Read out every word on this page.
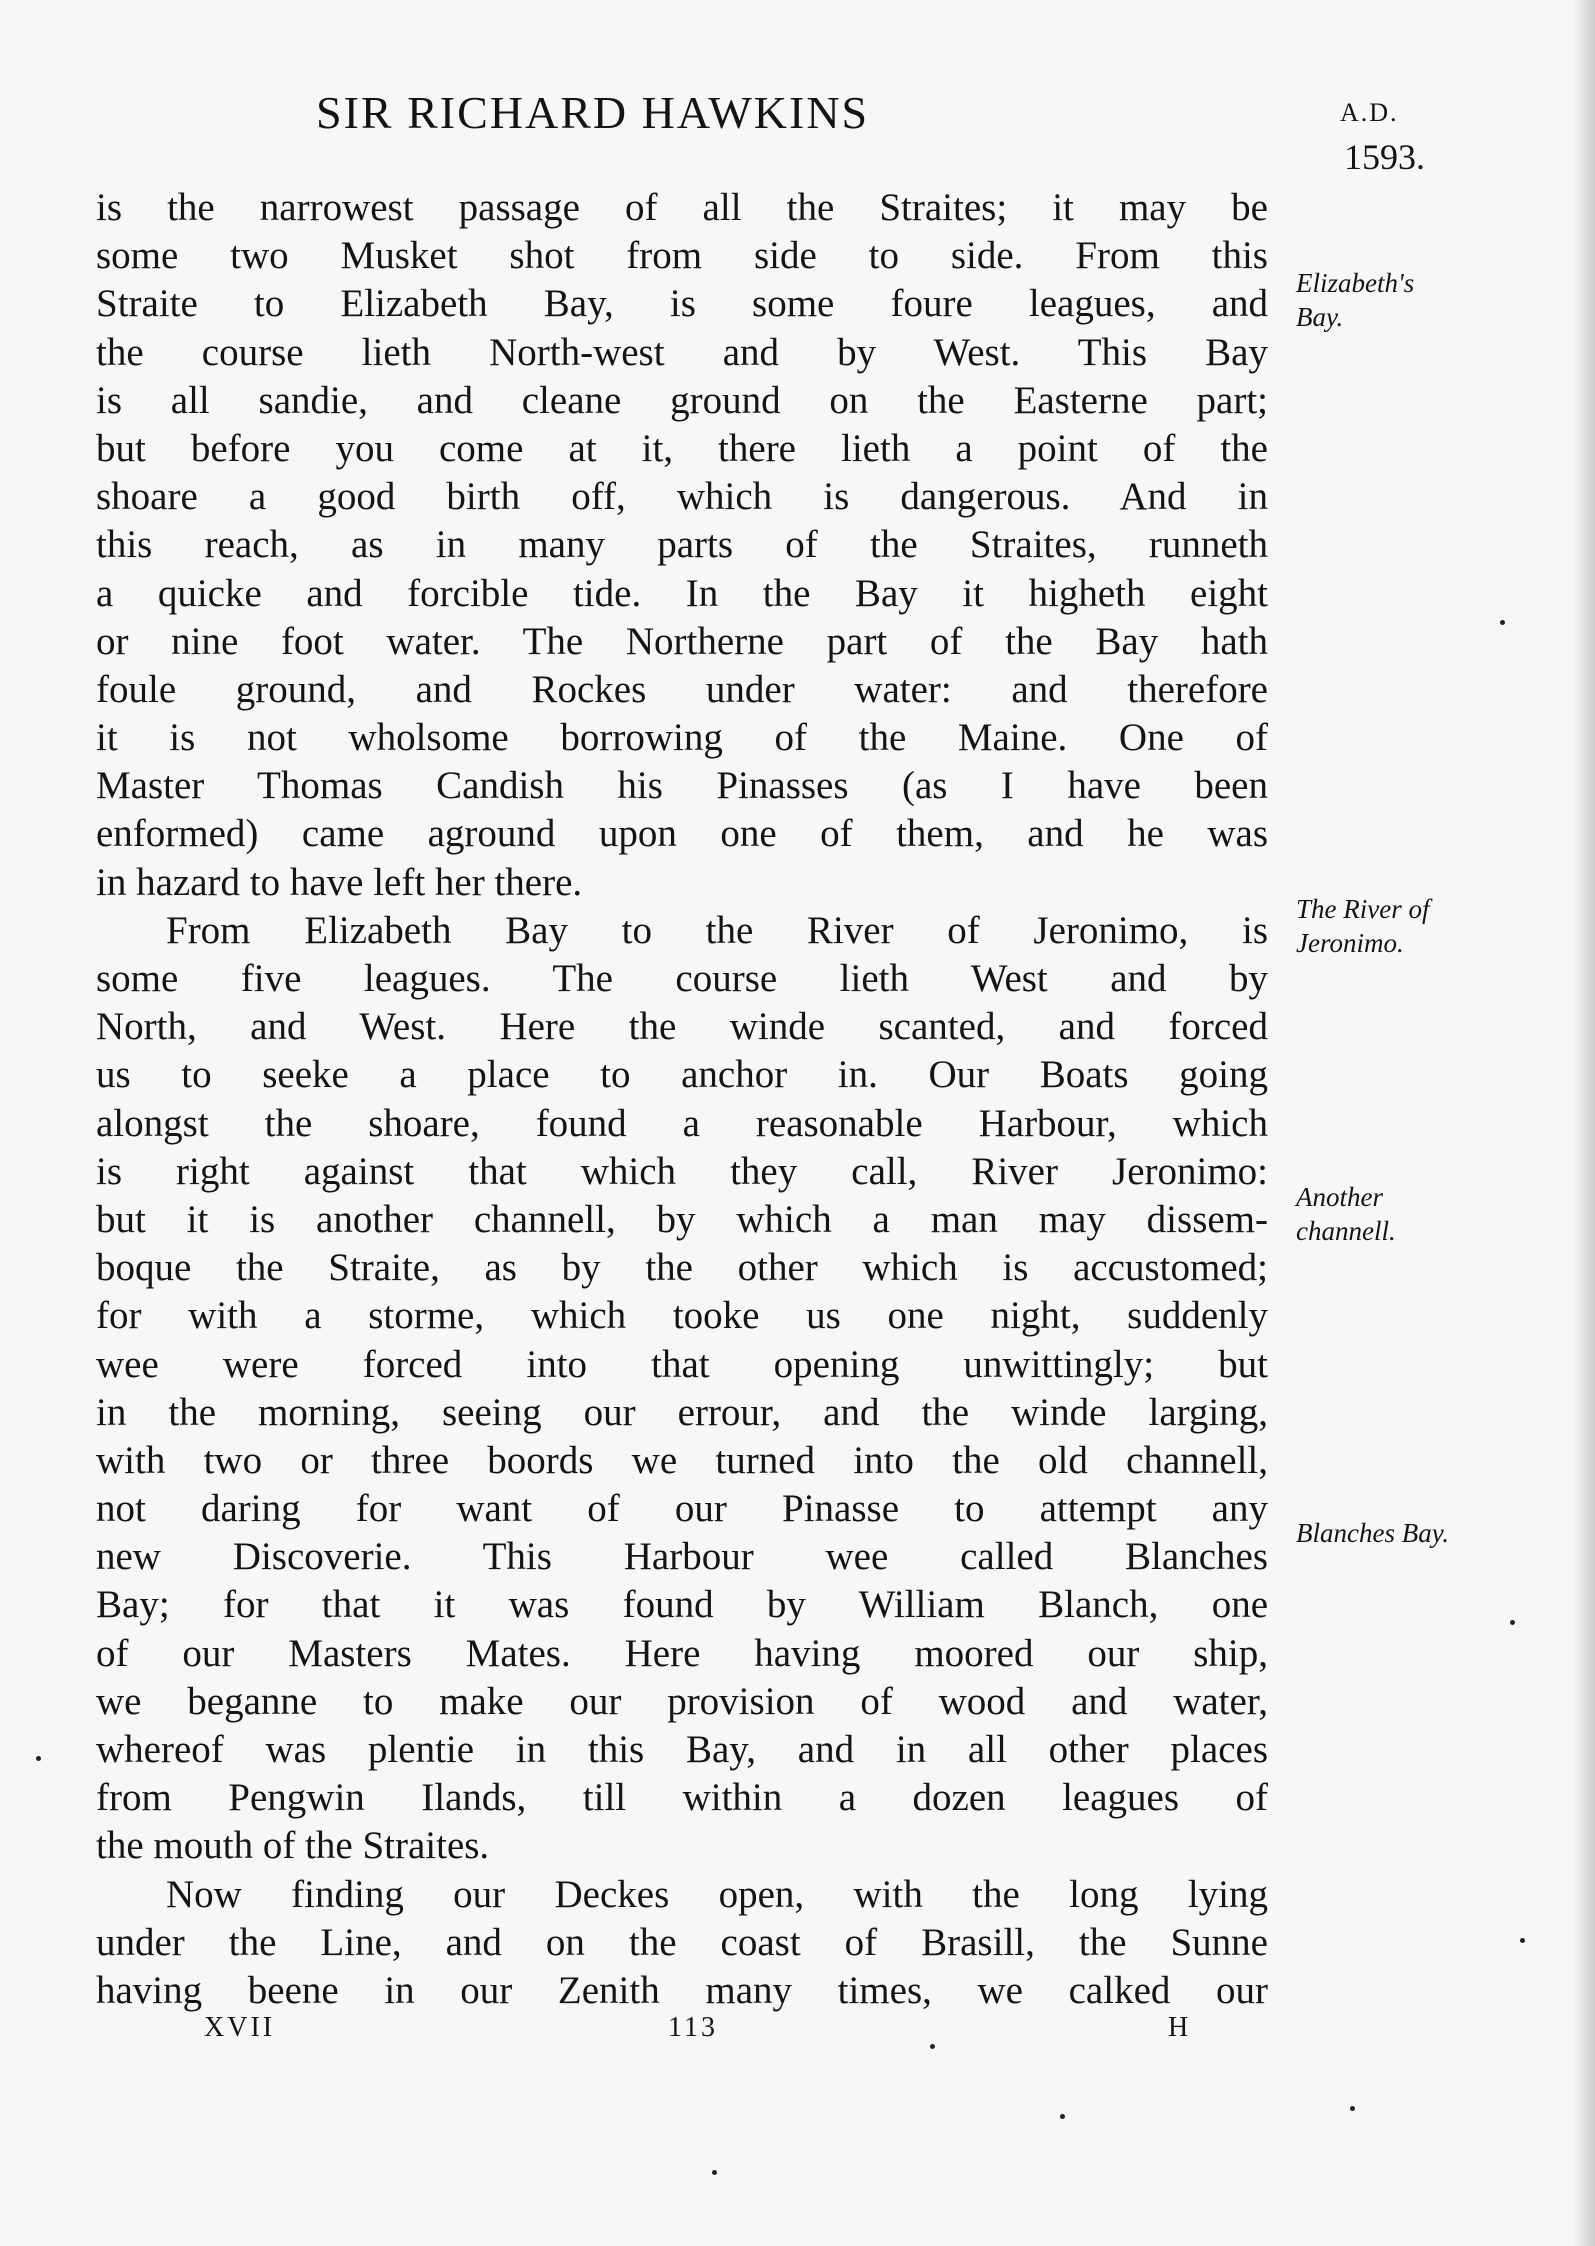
SIR RICHARD HAWKINS	A.D.
1593.
is the narrowest passage of all the Straites; it may be
some two Musket shot from side to side. From this
Straite to Elizabeth Bay, is some foure leagues, and
the course lieth North-west and by West. This Bay
is all sandie, and cleane ground on the Easterne part;
but before you come at it, there lieth a point of the
shoare a good birth off, which is dangerous. And in
this reach, as in many parts of the Straites, runneth
a quicke and forcible tide. In the Bay it higheth eight
or nine foot water. The Northerne part of the Bay hath
foule ground, and Rockes under water: and therefore
it is not wholsome borrowing of the Maine. One of
Master Thomas Candish his Pinasses (as I have been
enformed) came aground upon one of them, and he was
in hazard to have left her there.
From Elizabeth Bay to the River of Jeronimo, is
some five leagues. The course lieth West and by
North, and West. Here the winde scanted, and forced
us to seeke a place to anchor in. Our Boats going
alongst the shoare, found a reasonable Harbour, which
is right against that which they call, River Jeronimo:
but it is another channell, by which a man may dissem-
boque the Straite, as by the other which is accustomed;
for with a storme, which tooke us one night, suddenly
wee were forced into that opening unwittingly; but
in the morning, seeing our errour, and the winde larging,
with two or three boords we turned into the old channell,
not daring for want of our Pinasse to attempt any
new Discoverie. This Harbour wee called Blanches
Bay; for that it was found by William Blanch, one
of our Masters Mates. Here having moored our ship,
we beganne to make our provision of wood and water,
whereof was plentie in this Bay, and in all other places
from Pengwin Ilands, till within a dozen leagues of
the mouth of the Straites.
Now finding our Deckes open, with the long lying
under the Line, and on the coast of Brasill, the Sunne
having beene in our Zenith many times, we calked our
Elizabeth's
Bay.
The River of
Jeronimo.
Another
channell.
Blanches Bay.
XVII	113	H
